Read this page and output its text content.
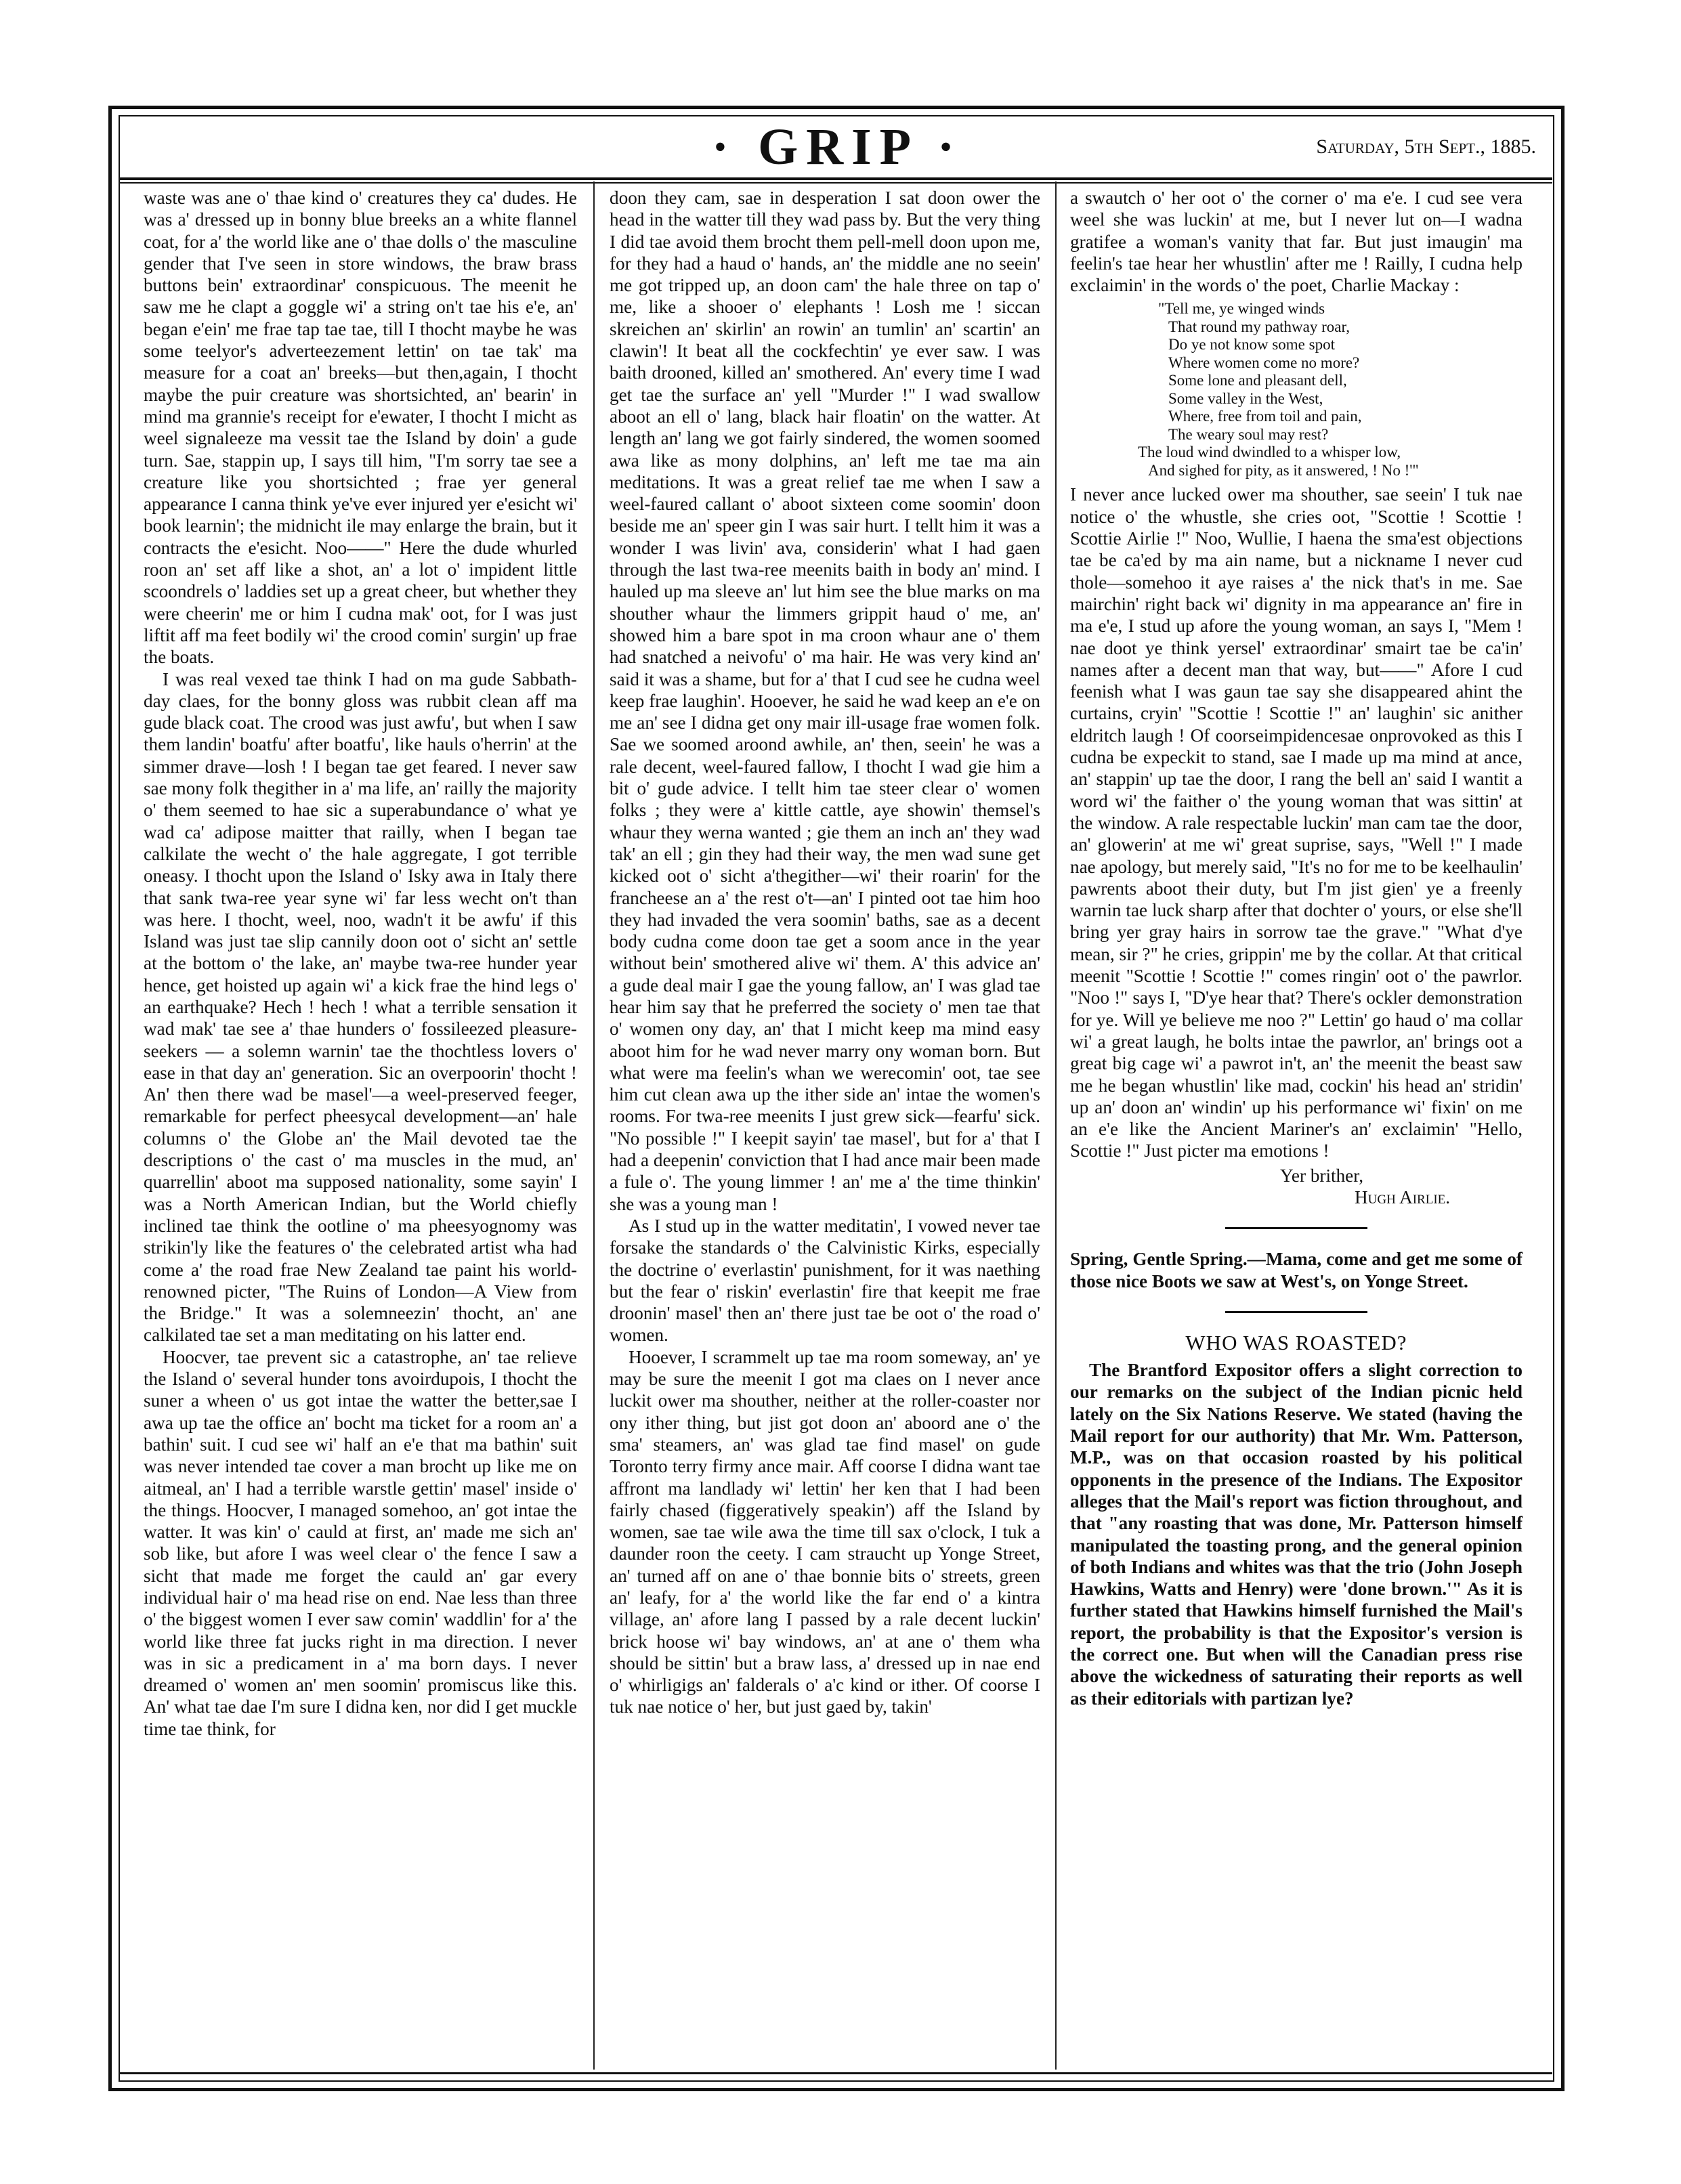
· GRIP ·	Saturday, 5th Sept., 1885.

waste was ane o' thae kind o' creatures they ca' dudes. He was a' dressed up in bonny blue breeks an a white flannel coat, for a' the world like ane o' thae dolls o' the masculine gender that I've seen in store windows, the braw brass buttons bein' extraordinar' conspicuous. The meenit he saw me he clapt a goggle wi' a string on't tae his e'e, an' began e'ein' me frae tap tae tae, till I thocht maybe he was some teelyor's adverteezement lettin' on tae tak' ma measure for a coat an' breeks—but then,again, I thocht maybe the puir creature was shortsichted, an' bearin' in mind ma grannie's receipt for e'ewater, I thocht I micht as weel signaleeze ma vessit tae the Island by doin' a gude turn. Sae, stappin up, I says till him, "I'm sorry tae see a creature like you shortsichted ; frae yer general appearance I canna think ye've ever injured yer e'esicht wi' book learnin'; the midnicht ile may enlarge the brain, but it contracts the e'esicht. Noo——" Here the dude whurled roon an' set aff like a shot, an' a lot o' impident little scoondrels o' laddies set up a great cheer, but whether they were cheerin' me or him I cudna mak' oot, for I was just liftit aff ma feet bodily wi' the crood comin' surgin' up frae the boats.

I was real vexed tae think I had on ma gude Sabbath-day claes, for the bonny gloss was rubbit clean aff ma gude black coat. The crood was just awfu', but when I saw them landin' boatfu' after boatfu', like hauls o'herrin' at the simmer drave—losh ! I began tae get feared. I never saw sae mony folk thegither in a' ma life, an' railly the majority o' them seemed to hae sic a superabundance o' what ye wad ca' adipose maitter that railly, when I began tae calkilate the wecht o' the hale aggregate, I got terrible oneasy. I thocht upon the Island o' Isky awa in Italy there that sank twa-ree year syne wi' far less wecht on't than was here. I thocht, weel, noo, wadn't it be awfu' if this Island was just tae slip cannily doon oot o' sicht an' settle at the bottom o' the lake, an' maybe twa-ree hunder year hence, get hoisted up again wi' a kick frae the hind legs o' an earthquake? Hech ! hech ! what a terrible sensation it wad mak' tae see a' thae hunders o' fossileezed pleasure-seekers — a solemn warnin' tae the thochtless lovers o' ease in that day an' generation. Sic an overpoorin' thocht ! An' then there wad be masel'—a weel-preserved feeger, remarkable for perfect pheesycal development—an' hale columns o' the Globe an' the Mail devoted tae the descriptions o' the cast o' ma muscles in the mud, an' quarrellin' aboot ma supposed nationality, some sayin' I was a North American Indian, but the World chiefly inclined tae think the ootline o' ma pheesyognomy was strikin'ly like the features o' the celebrated artist wha had come a' the road frae New Zealand tae paint his world-renowned picter, "The Ruins of London—A View from the Bridge." It was a solemneezin' thocht, an' ane calkilated tae set a man meditating on his latter end.

Hoocver, tae prevent sic a catastrophe, an' tae relieve the Island o' several hunder tons avoirdupois, I thocht the suner a wheen o' us got intae the watter the better,sae I awa up tae the office an' bocht ma ticket for a room an' a bathin' suit. I cud see wi' half an e'e that ma bathin' suit was never intended tae cover a man brocht up like me on aitmeal, an' I had a terrible warstle gettin' masel' inside o' the things. Hoocver, I managed somehoo, an' got intae the watter. It was kin' o' cauld at first, an' made me sich an' sob like, but afore I was weel clear o' the fence I saw a sicht that made me forget the cauld an' gar every individual hair o' ma head rise on end. Nae less than three o' the biggest women I ever saw comin' waddlin' for a' the world like three fat jucks right in ma direction. I never was in sic a predicament in a' ma born days. I never dreamed o' women an' men soomin' promiscus like this. An' what tae dae I'm sure I didna ken, nor did I get muckle time tae think, for

doon they cam, sae in desperation I sat doon ower the head in the watter till they wad pass by. But the very thing I did tae avoid them brocht them pell-mell doon upon me, for they had a haud o' hands, an' the middle ane no seein' me got tripped up, an doon cam' the hale three on tap o' me, like a shooer o' elephants ! Losh me ! siccan skreichen an' skirlin' an rowin' an tumlin' an' scartin' an clawin'! It beat all the cockfechtin' ye ever saw. I was baith drooned, killed an' smothered. An' every time I wad get tae the surface an' yell "Murder !" I wad swallow aboot an ell o' lang, black hair floatin' on the watter. At length an' lang we got fairly sindered, the women soomed awa like as mony dolphins, an' left me tae ma ain meditations. It was a great relief tae me when I saw a weel-faured callant o' aboot sixteen come soomin' doon beside me an' speer gin I was sair hurt. I tellt him it was a wonder I was livin' ava, considerin' what I had gaen through the last twa-ree meenits baith in body an' mind. I hauled up ma sleeve an' lut him see the blue marks on ma shouther whaur the limmers grippit haud o' me, an' showed him a bare spot in ma croon whaur ane o' them had snatched a neivofu' o' ma hair. He was very kind an' said it was a shame, but for a' that I cud see he cudna weel keep frae laughin'. Hooever, he said he wad keep an e'e on me an' see I didna get ony mair ill-usage frae women folk. Sae we soomed aroond awhile, an' then, seein' he was a rale decent, weel-faured fallow, I thocht I wad gie him a bit o' gude advice. I tellt him tae steer clear o' women folks ; they were a' kittle cattle, aye showin' themsel's whaur they werna wanted ; gie them an inch an' they wad tak' an ell ; gin they had their way, the men wad sune get kicked oot o' sicht a'thegither—wi' their roarin' for the francheese an a' the rest o't—an' I pinted oot tae him hoo they had invaded the vera soomin' baths, sae as a decent body cudna come doon tae get a soom ance in the year without bein' smothered alive wi' them. A' this advice an' a gude deal mair I gae the young fallow, an' I was glad tae hear him say that he preferred the society o' men tae that o' women ony day, an' that I micht keep ma mind easy aboot him for he wad never marry ony woman born. But what were ma feelin's whan we werecomin' oot, tae see him cut clean awa up the ither side an' intae the women's rooms. For twa-ree meenits I just grew sick—fearfu' sick. "No possible !" I keepit sayin' tae masel', but for a' that I had a deepenin' conviction that I had ance mair been made a fule o'. The young limmer ! an' me a' the time thinkin' she was a young man !

As I stud up in the watter meditatin', I vowed never tae forsake the standards o' the Calvinistic Kirks, especially the doctrine o' everlastin' punishment, for it was naething but the fear o' riskin' everlastin' fire that keepit me frae droonin' masel' then an' there just tae be oot o' the road o' women.

Hooever, I scrammelt up tae ma room someway, an' ye may be sure the meenit I got ma claes on I never ance luckit ower ma shouther, neither at the roller-coaster nor ony ither thing, but jist got doon an' aboord ane o' the sma' steamers, an' was glad tae find masel' on gude Toronto terry firmy ance mair. Aff coorse I didna want tae affront ma landlady wi' lettin' her ken that I had been fairly chased (figgeratively speakin') aff the Island by women, sae tae wile awa the time till sax o'clock, I tuk a daunder roon the ceety. I cam straucht up Yonge Street, an' turned aff on ane o' thae bonnie bits o' streets, green an' leafy, for a' the world like the far end o' a kintra village, an' afore lang I passed by a rale decent luckin' brick hoose wi' bay windows, an' at ane o' them wha should be sittin' but a braw lass, a' dressed up in nae end o' whirligigs an' falderals o' a'c kind or ither. Of coorse I tuk nae notice o' her, but just gaed by, takin'

a swautch o' her oot o' the corner o' ma e'e. I cud see vera weel she was luckin' at me, but I never lut on—I wadna gratifee a woman's vanity that far. But just imaugin' ma feelin's tae hear her whustlin' after me ! Railly, I cudna help exclaimin' in the words o' the poet, Charlie Mackay :

"Tell me, ye winged winds
That round my pathway roar,
Do ye not know some spot
Where women come no more?
Some lone and pleasant dell,
Some valley in the West,
Where, free from toil and pain,
The weary soul may rest?
The loud wind dwindled to a whisper low,
And sighed for pity, as it answered, ! No !'"

I never ance lucked ower ma shouther, sae seein' I tuk nae notice o' the whustle, she cries oot, "Scottie ! Scottie ! Scottie Airlie !" Noo, Wullie, I haena the sma'est objections tae be ca'ed by ma ain name, but a nickname I never cud thole—somehoo it aye raises a' the nick that's in me. Sae mairchin' right back wi' dignity in ma appearance an' fire in ma e'e, I stud up afore the young woman, an says I, "Mem ! nae doot ye think yersel' extraordinar' smairt tae be ca'in' names after a decent man that way, but——" Afore I cud feenish what I was gaun tae say she disappeared ahint the curtains, cryin' "Scottie ! Scottie !" an' laughin' sic anither eldritch laugh ! Of coorseimpidencesae onprovoked as this I cudna be expeckit to stand, sae I made up ma mind at ance, an' stappin' up tae the door, I rang the bell an' said I wantit a word wi' the faither o' the young woman that was sittin' at the window. A rale respectable luckin' man cam tae the door, an' glowerin' at me wi' great suprise, says, "Well !" I made nae apology, but merely said, "It's no for me to be keelhaulin' pawrents aboot their duty, but I'm jist gien' ye a freenly warnin tae luck sharp after that dochter o' yours, or else she'll bring yer gray hairs in sorrow tae the grave." "What d'ye mean, sir ?" he cries, grippin' me by the collar. At that critical meenit "Scottie ! Scottie !" comes ringin' oot o' the pawrlor. "Noo !" says I, "D'ye hear that? There's ockler demonstration for ye. Will ye believe me noo ?" Lettin' go haud o' ma collar wi' a great laugh, he bolts intae the pawrlor, an' brings oot a great big cage wi' a pawrot in't, an' the meenit the beast saw me he began whustlin' like mad, cockin' his head an' stridin' up an' doon an' windin' up his performance wi' fixin' on me an e'e like the Ancient Mariner's an' exclaimin' "Hello, Scottie !" Just picter ma emotions !

Yer brither,
Hugh Airlie.

Spring, Gentle Spring.—Mama, come and get me some of those nice Boots we saw at West's, on Yonge Street.

WHO WAS ROASTED?

The Brantford Expositor offers a slight correction to our remarks on the subject of the Indian picnic held lately on the Six Nations Reserve. We stated (having the Mail report for our authority) that Mr. Wm. Patterson, M.P., was on that occasion roasted by his political opponents in the presence of the Indians. The Expositor alleges that the Mail's report was fiction throughout, and that "any roasting that was done, Mr. Patterson himself manipulated the toasting prong, and the general opinion of both Indians and whites was that the trio (John Joseph Hawkins, Watts and Henry) were 'done brown.'" As it is further stated that Hawkins himself furnished the Mail's report, the probability is that the Expositor's version is the correct one. But when will the Canadian press rise above the wickedness of saturating their reports as well as their editorials with partizan lye?
